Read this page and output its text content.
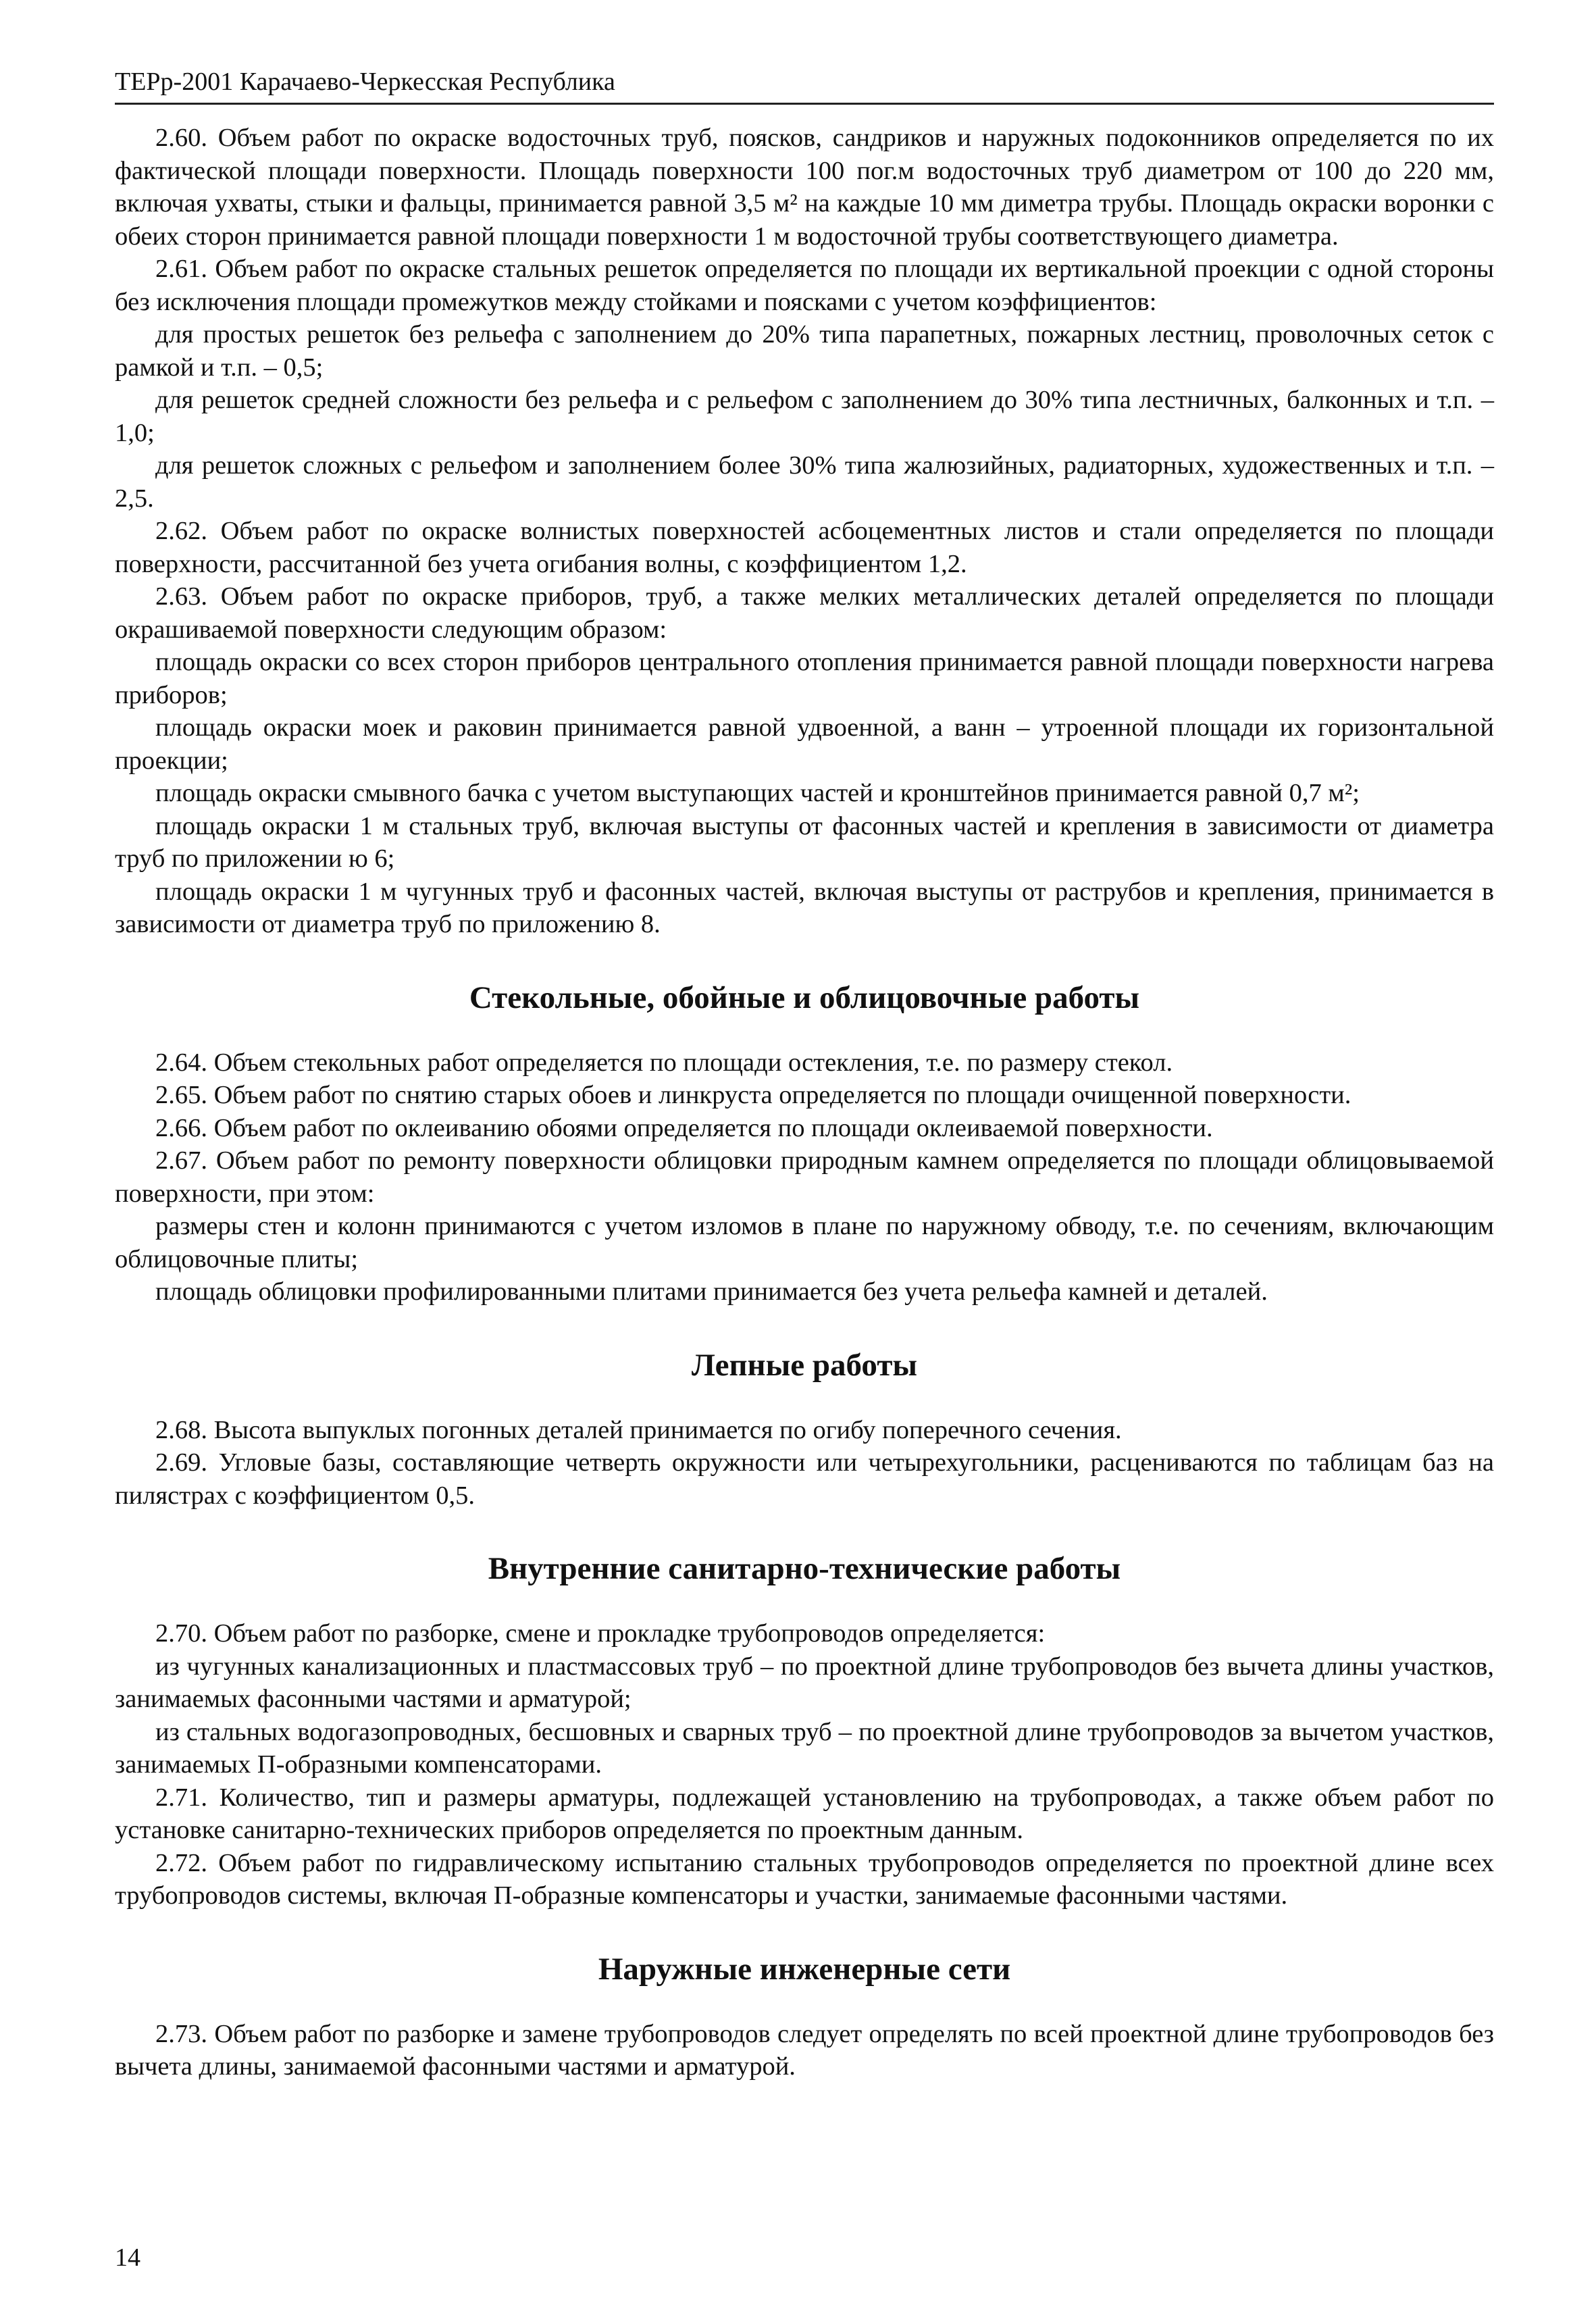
ТЕРр-2001 Карачаево-Черкесская Республика

2.60. Объем работ по окраске водосточных труб, поясков, сандриков и наружных подоконников определяется по их фактической площади поверхности. Площадь поверхности 100 пог.м водосточных труб диаметром от 100 до 220 мм, включая ухваты, стыки и фальцы, принимается равной 3,5 м² на каждые 10 мм диметра трубы. Площадь окраски воронки с обеих сторон принимается равной площади поверхности 1 м водосточной трубы соответствующего диаметра.

2.61. Объем работ по окраске стальных решеток определяется по площади их вертикальной проекции с одной стороны без исключения площади промежутков между стойками и поясками с учетом коэффициентов:

для простых решеток без рельефа с заполнением до 20% типа парапетных, пожарных лестниц, проволочных сеток с рамкой и т.п. – 0,5;

для решеток средней сложности без рельефа и с рельефом с заполнением до 30% типа лестничных, балконных и т.п. – 1,0;

для решеток сложных с рельефом и заполнением более 30% типа жалюзийных, радиаторных, художественных и т.п. – 2,5.

2.62. Объем работ по окраске волнистых поверхностей асбоцементных листов и стали определяется по площади поверхности, рассчитанной без учета огибания волны, с коэффициентом 1,2.

2.63. Объем работ по окраске приборов, труб, а также мелких металлических деталей определяется по площади окрашиваемой поверхности следующим образом:

площадь окраски со всех сторон приборов центрального отопления принимается равной площади поверхности нагрева приборов;

площадь окраски моек и раковин принимается равной удвоенной, а ванн – утроенной площади их горизонтальной проекции;

площадь окраски смывного бачка с учетом выступающих частей и кронштейнов принимается равной 0,7 м²;

площадь окраски 1 м стальных труб, включая выступы от фасонных частей и крепления в зависимости от диаметра труб по приложении ю 6;

площадь окраски 1 м чугунных труб и фасонных частей, включая выступы от раструбов и крепления, принимается в зависимости от диаметра труб по приложению 8.

Стекольные, обойные и облицовочные работы

2.64. Объем стекольных работ определяется по площади остекления, т.е. по размеру стекол.

2.65. Объем работ по снятию старых обоев и линкруста определяется по площади очищенной поверхности.

2.66. Объем работ по оклеиванию обоями определяется по площади оклеиваемой поверхности.

2.67. Объем работ по ремонту поверхности облицовки природным камнем определяется по площади облицовываемой поверхности, при этом:

размеры стен и колонн принимаются с учетом изломов в плане по наружному обводу, т.е. по сечениям, включающим облицовочные плиты;

площадь облицовки профилированными плитами принимается без учета рельефа камней и деталей.

Лепные работы

2.68. Высота выпуклых погонных деталей принимается по огибу поперечного сечения.

2.69. Угловые базы, составляющие четверть окружности или четырехугольники, расцениваются по таблицам баз на пилястрах с коэффициентом 0,5.

Внутренние санитарно-технические работы

2.70. Объем работ по разборке, смене и прокладке трубопроводов определяется:

из чугунных канализационных и пластмассовых труб – по проектной длине трубопроводов без вычета длины участков, занимаемых фасонными частями и арматурой;

из стальных водогазопроводных, бесшовных и сварных труб – по проектной длине трубопроводов за вычетом участков, занимаемых П-образными компенсаторами.

2.71. Количество, тип и размеры арматуры, подлежащей установлению на трубопроводах, а также объем работ по установке санитарно-технических приборов определяется по проектным данным.

2.72. Объем работ по гидравлическому испытанию стальных трубопроводов определяется по проектной длине всех трубопроводов системы, включая П-образные компенсаторы и участки, занимаемые фасонными частями.

Наружные инженерные сети

2.73. Объем работ по разборке и замене трубопроводов следует определять по всей проектной длине трубопроводов без вычета длины, занимаемой фасонными частями и арматурой.

14
